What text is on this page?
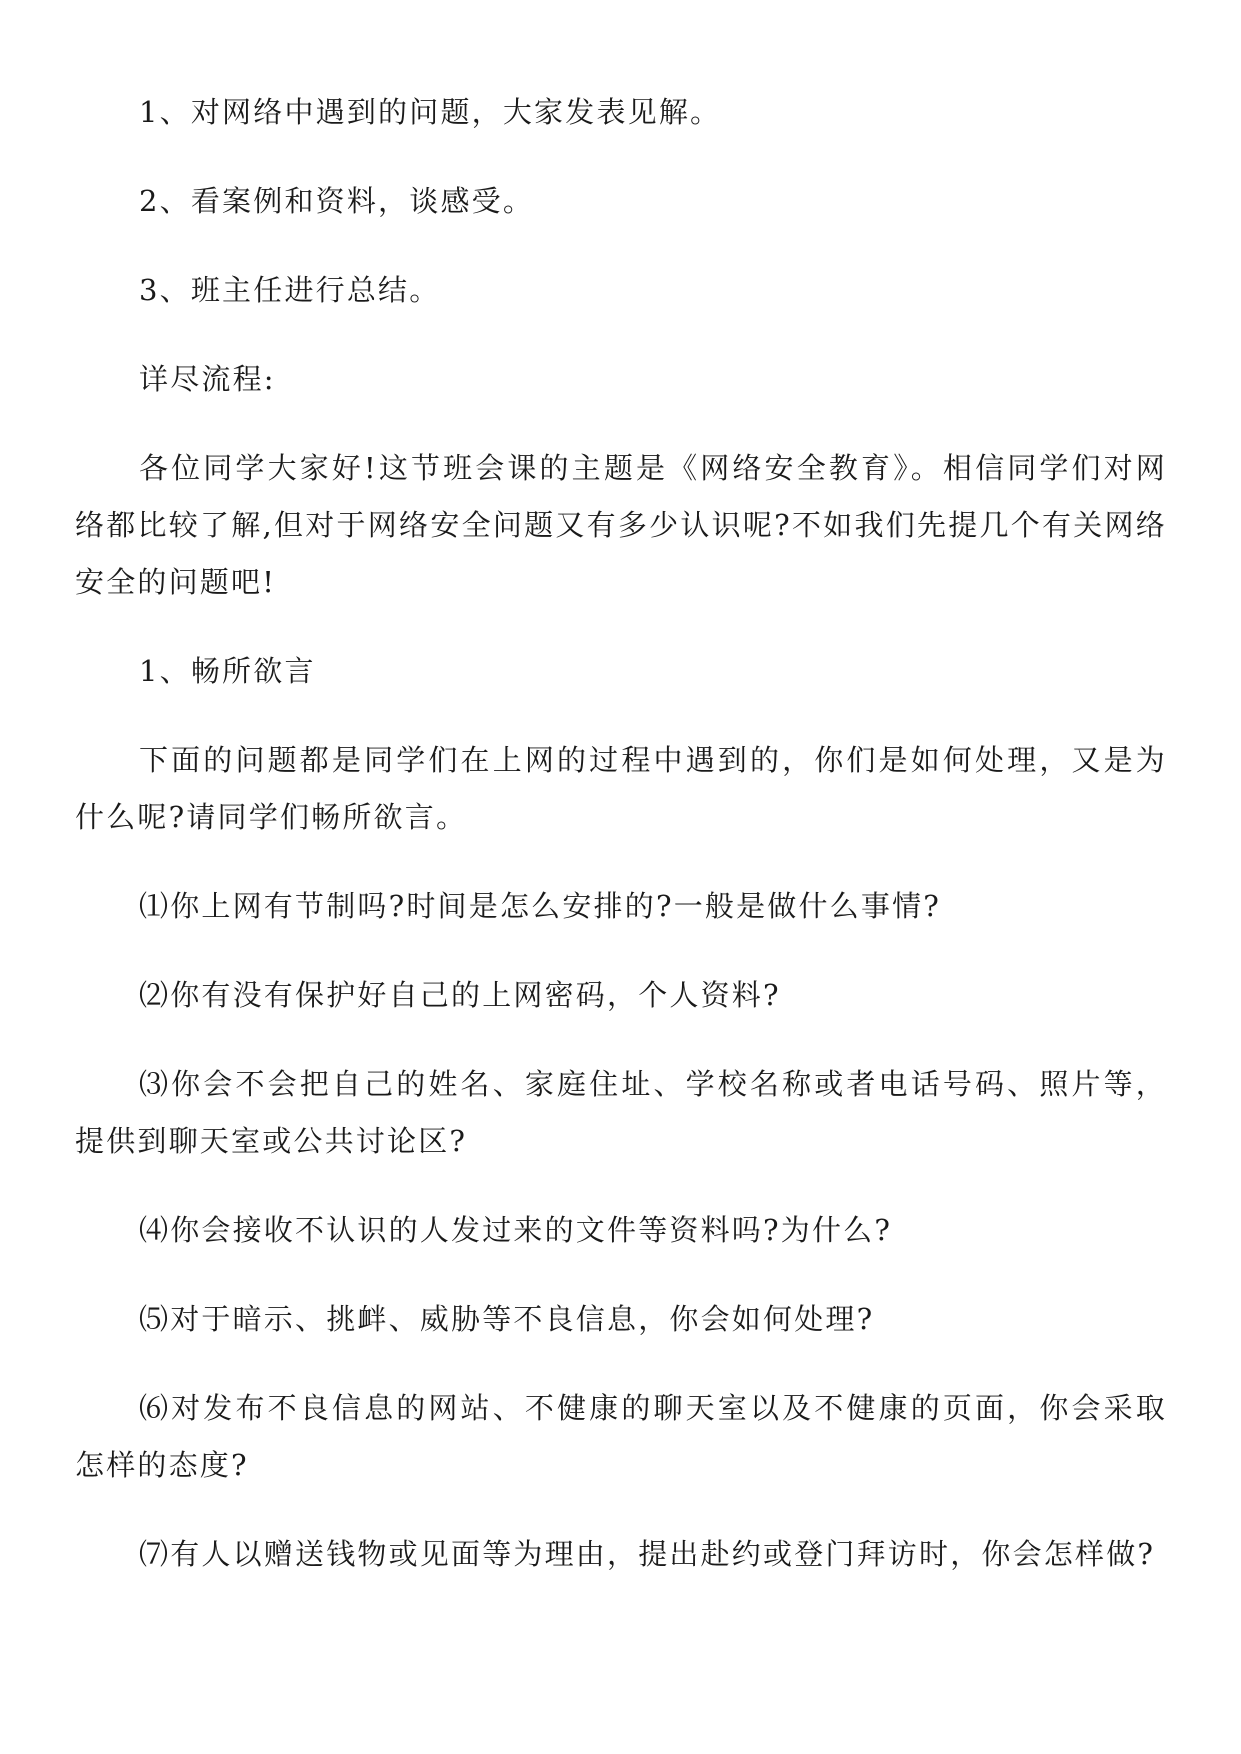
1、对网络中遇到的问题，大家发表见解。

2、看案例和资料，谈感受。

3、班主任进行总结。

详尽流程:

各位同学大家好!这节班会课的主题是《网络安全教育》。相信同学们对网络都比较了解,但对于网络安全问题又有多少认识呢?不如我们先提几个有关网络安全的问题吧!

1、畅所欲言

下面的问题都是同学们在上网的过程中遇到的，你们是如何处理，又是为什么呢?请同学们畅所欲言。

⑴你上网有节制吗?时间是怎么安排的?一般是做什么事情?

⑵你有没有保护好自己的上网密码，个人资料?

⑶你会不会把自己的姓名、家庭住址、学校名称或者电话号码、照片等，提供到聊天室或公共讨论区?

⑷你会接收不认识的人发过来的文件等资料吗?为什么?

⑸对于暗示、挑衅、威胁等不良信息，你会如何处理?

⑹对发布不良信息的网站、不健康的聊天室以及不健康的页面，你会采取怎样的态度?

⑺有人以赠送钱物或见面等为理由，提出赴约或登门拜访时，你会怎样做?
